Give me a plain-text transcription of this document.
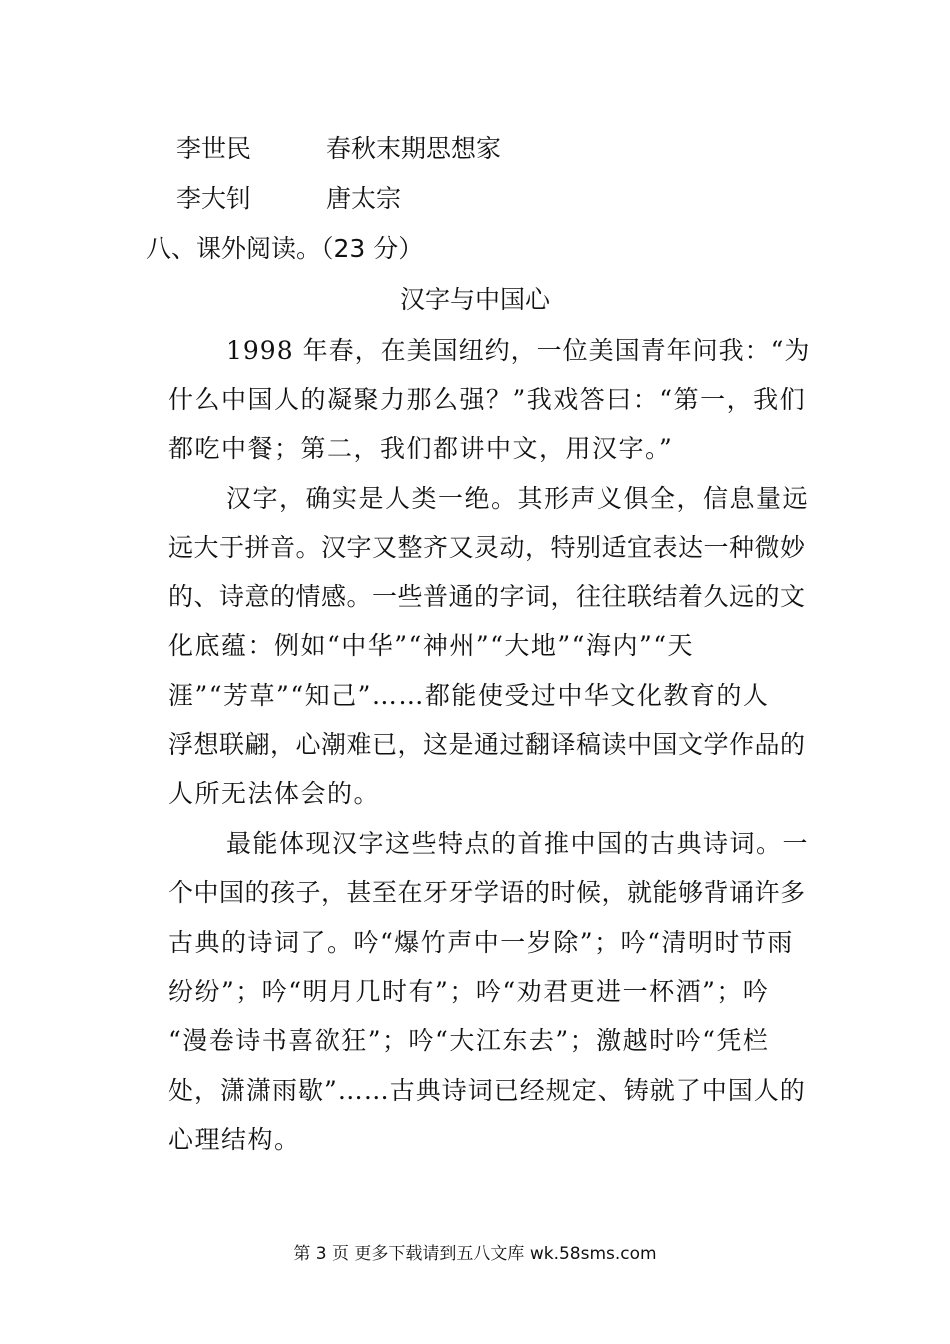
李世民	春秋末期思想家
李大钊	唐太宗
八、课外阅读。（23 分）
汉字与中国心
1998 年春，在美国纽约，一位美国青年问我：“为
什么中国人的凝聚力那么强？”我戏答曰：“第一，我们
都吃中餐；第二，我们都讲中文，用汉字。”
汉字，确实是人类一绝。其形声义俱全，信息量远
远大于拼音。汉字又整齐又灵动，特别适宜表达一种微妙
的、诗意的情感。一些普通的字词，往往联结着久远的文
化底蕴：例如“中华”“神州”“大地”“海内”“天
涯”“芳草”“知己”……都能使受过中华文化教育的人
浮想联翩，心潮难已，这是通过翻译稿读中国文学作品的
人所无法体会的。
最能体现汉字这些特点的首推中国的古典诗词。一
个中国的孩子，甚至在牙牙学语的时候，就能够背诵许多
古典的诗词了。吟“爆竹声中一岁除”；吟“清明时节雨
纷纷”；吟“明月几时有”；吟“劝君更进一杯酒”；吟
“漫卷诗书喜欲狂”；吟“大江东去”；激越时吟“凭栏
处，潇潇雨歇”……古典诗词已经规定、铸就了中国人的
心理结构。
第 3 页 更多下载请到五八文库 wk.58sms.com
